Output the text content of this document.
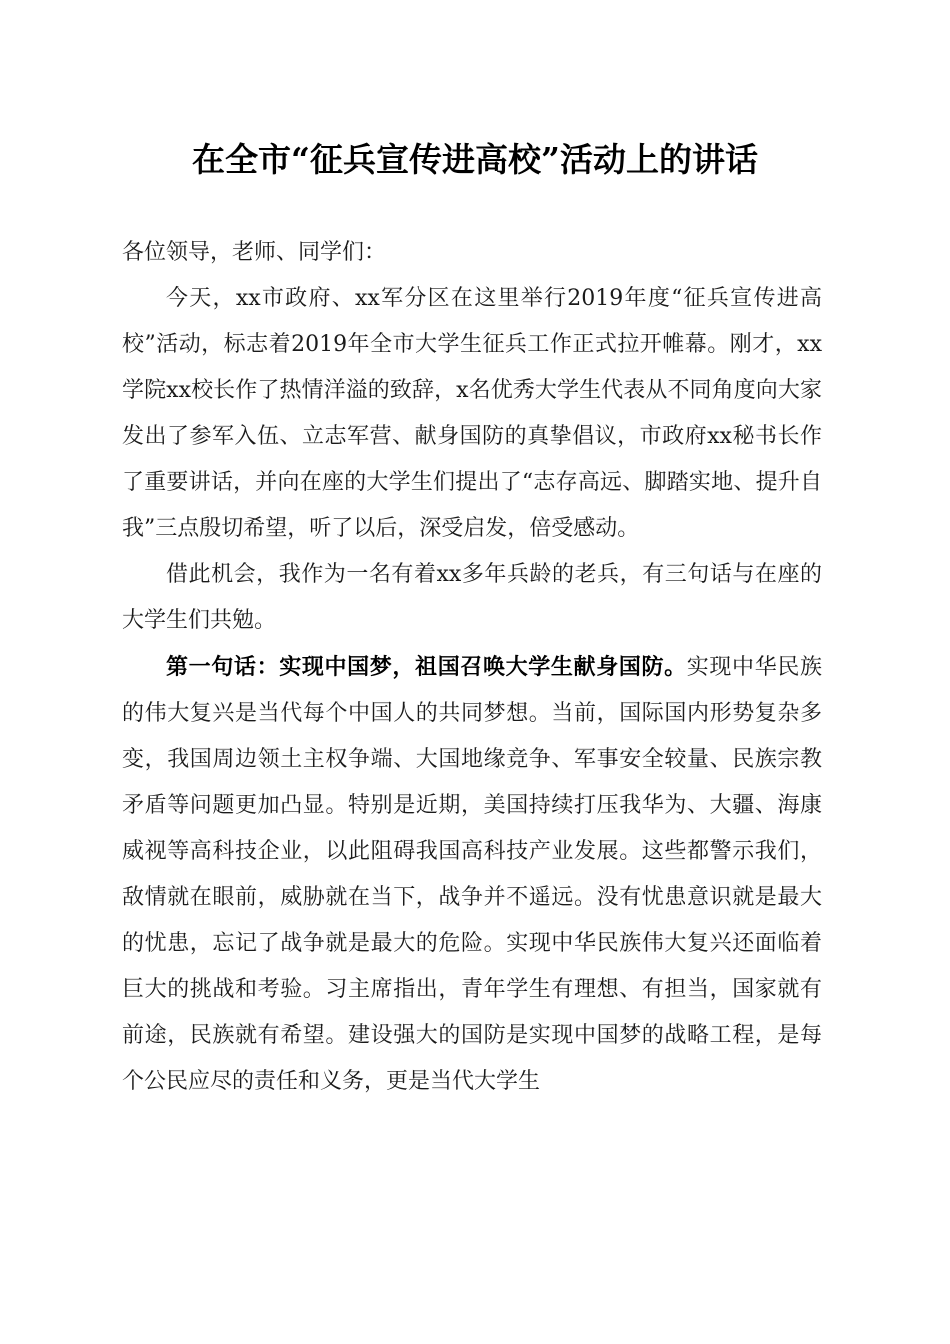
在全市“征兵宣传进高校”活动上的讲话

各位领导，老师、同学们：

今天，xx市政府、xx军分区在这里举行2019年度“征兵宣传进高校”活动，标志着2019年全市大学生征兵工作正式拉开帷幕。刚才，xx学院xx校长作了热情洋溢的致辞，x名优秀大学生代表从不同角度向大家发出了参军入伍、立志军营、献身国防的真挚倡议，市政府xx秘书长作了重要讲话，并向在座的大学生们提出了“志存高远、脚踏实地、提升自我”三点殷切希望，听了以后，深受启发，倍受感动。

借此机会，我作为一名有着xx多年兵龄的老兵，有三句话与在座的大学生们共勉。

第一句话：实现中国梦，祖国召唤大学生献身国防。实现中华民族的伟大复兴是当代每个中国人的共同梦想。当前，国际国内形势复杂多变，我国周边领土主权争端、大国地缘竞争、军事安全较量、民族宗教矛盾等问题更加凸显。特别是近期，美国持续打压我华为、大疆、海康威视等高科技企业，以此阻碍我国高科技产业发展。这些都警示我们，敌情就在眼前，威胁就在当下，战争并不遥远。没有忧患意识就是最大的忧患，忘记了战争就是最大的危险。实现中华民族伟大复兴还面临着巨大的挑战和考验。习主席指出，青年学生有理想、有担当，国家就有前途，民族就有希望。建设强大的国防是实现中国梦的战略工程，是每个公民应尽的责任和义务，更是当代大学生
